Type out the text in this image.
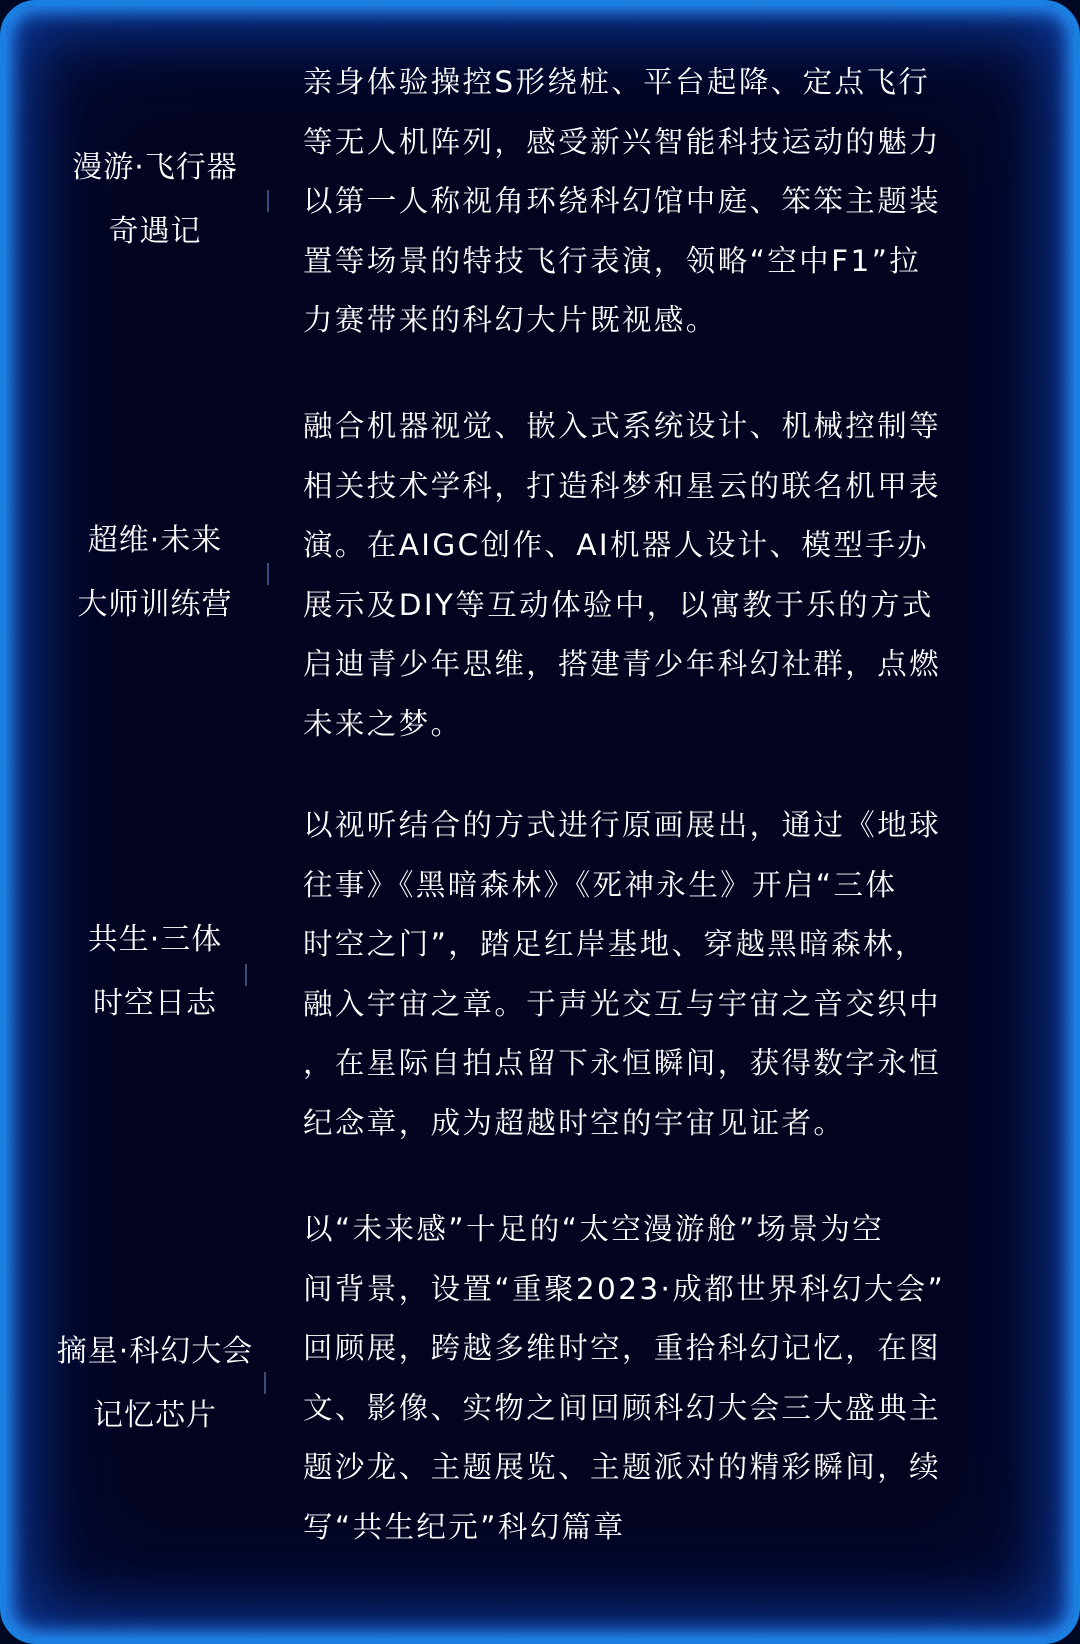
漫游·飞行器
奇遇记
亲身体验操控S形绕桩、平台起降、定点飞行
等无人机阵列，感受新兴智能科技运动的魅力
以第一人称视角环绕科幻馆中庭、笨笨主题装
置等场景的特技飞行表演，领略“空中F1”拉
力赛带来的科幻大片既视感。
超维·未来
大师训练营
融合机器视觉、嵌入式系统设计、机械控制等
相关技术学科，打造科梦和星云的联名机甲表
演。在AIGC创作、AI机器人设计、模型手办
展示及DIY等互动体验中，以寓教于乐的方式
启迪青少年思维，搭建青少年科幻社群，点燃
未来之梦。
共生·三体
时空日志
以视听结合的方式进行原画展出，通过《地球
往事》《黑暗森林》《死神永生》开启“三体
时空之门”，踏足红岸基地、穿越黑暗森林，
融入宇宙之章。于声光交互与宇宙之音交织中
，在星际自拍点留下永恒瞬间，获得数字永恒
纪念章，成为超越时空的宇宙见证者。
摘星·科幻大会
记忆芯片
以“未来感”十足的“太空漫游舱”场景为空
间背景，设置“重聚2023·成都世界科幻大会”
回顾展，跨越多维时空，重拾科幻记忆，在图
文、影像、实物之间回顾科幻大会三大盛典主
题沙龙、主题展览、主题派对的精彩瞬间，续
写“共生纪元”科幻篇章
